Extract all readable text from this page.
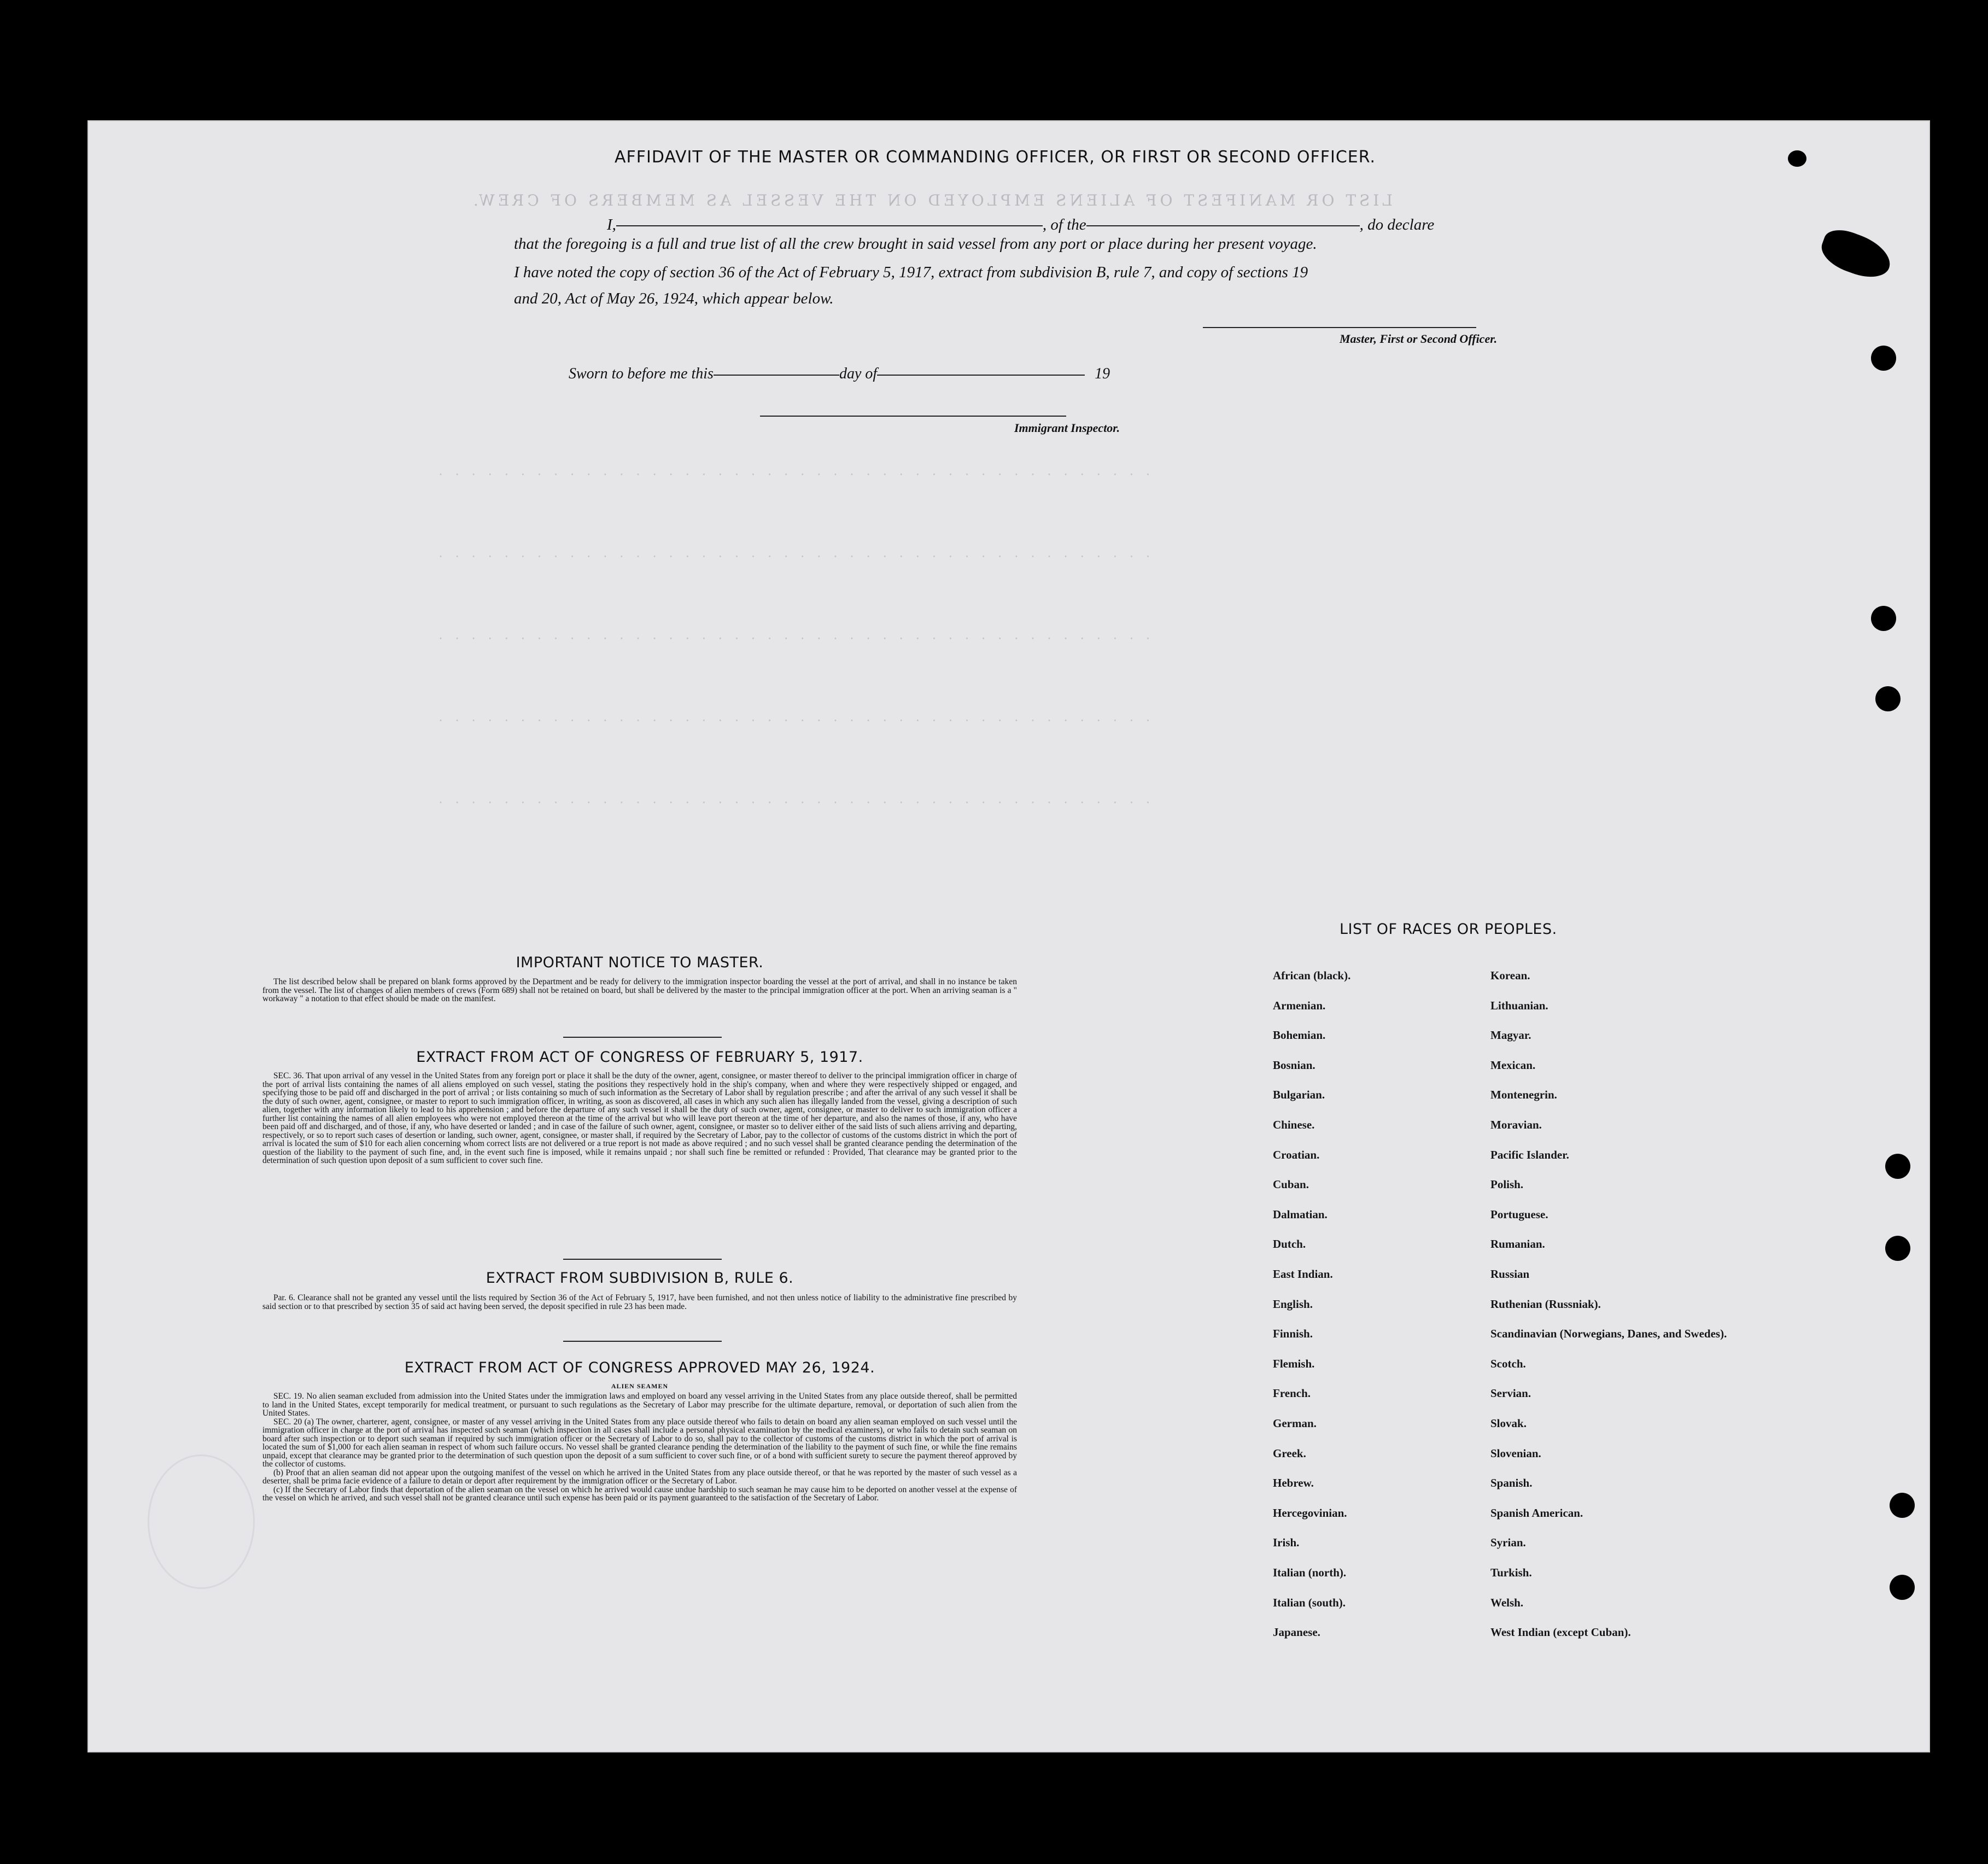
LIST OR MANIFEST OF ALIENS EMPLOYED ON THE VESSEL AS MEMBERS OF CREW.
. . . . . . . . . . . . . . . . . . . . . . . . . . . . . . . . . . . . . . . . . . . .
. . . . . . . . . . . . . . . . . . . . . . . . . . . . . . . . . . . . . . . . . . . .
. . . . . . . . . . . . . . . . . . . . . . . . . . . . . . . . . . . . . . . . . . . .
. . . . . . . . . . . . . . . . . . . . . . . . . . . . . . . . . . . . . . . . . . . .
. . . . . . . . . . . . . . . . . . . . . . . . . . . . . . . . . . . . . . . . . . . .
AFFIDAVIT OF THE MASTER OR COMMANDING OFFICER, OR FIRST OR SECOND OFFICER.
I,	, of the	, do declare
that the foregoing is a full and true list of all the crew brought in said vessel from any port or place during her present voyage.
I have noted the copy of section 36 of the Act of February 5, 1917, extract from subdivision B, rule 7, and copy of sections 19
and 20, Act of May 26, 1924, which appear below.
Master, First or Second Officer.
Sworn to before me this	day of	19
Immigrant Inspector.
IMPORTANT NOTICE TO MASTER.

The list described below shall be prepared on blank forms approved by the Department and be ready for delivery to the immigration inspector boarding the vessel at the port of arrival, and shall in no instance be taken from the vessel. The list of changes of alien members of crews (Form 689) shall not be retained on board, but shall be delivered by the master to the principal immigration officer at the port. When an arriving seaman is a " workaway " a notation to that effect should be made on the manifest.

EXTRACT FROM ACT OF CONGRESS OF FEBRUARY 5, 1917.

SEC. 36. That upon arrival of any vessel in the United States from any foreign port or place it shall be the duty of the owner, agent, consignee, or master thereof to deliver to the principal immigration officer in charge of the port of arrival lists containing the names of all aliens employed on such vessel, stating the positions they respectively hold in the ship's company, when and where they were respectively shipped or engaged, and specifying those to be paid off and discharged in the port of arrival ; or lists containing so much of such information as the Secretary of Labor shall by regulation prescribe ; and after the arrival of any such vessel it shall be the duty of such owner, agent, consignee, or master to report to such immigration officer, in writing, as soon as discovered, all cases in which any such alien has illegally landed from the vessel, giving a description of such alien, together with any information likely to lead to his apprehension ; and before the departure of any such vessel it shall be the duty of such owner, agent, consignee, or master to deliver to such immigration officer a further list containing the names of all alien employees who were not employed thereon at the time of the arrival but who will leave port thereon at the time of her departure, and also the names of those, if any, who have been paid off and discharged, and of those, if any, who have deserted or landed ; and in case of the failure of such owner, agent, consignee, or master so to deliver either of the said lists of such aliens arriving and departing, respectively, or so to report such cases of desertion or landing, such owner, agent, consignee, or master shall, if required by the Secretary of Labor, pay to the collector of customs of the customs district in which the port of arrival is located the sum of $10 for each alien concerning whom correct lists are not delivered or a true report is not made as above required ; and no such vessel shall be granted clearance pending the determination of the question of the liability to the payment of such fine, and, in the event such fine is imposed, while it remains unpaid ; nor shall such fine be remitted or refunded : Provided, That clearance may be granted prior to the determination of such question upon deposit of a sum sufficient to cover such fine.

EXTRACT FROM SUBDIVISION B, RULE 6.

Par. 6. Clearance shall not be granted any vessel until the lists required by Section 36 of the Act of February 5, 1917, have been furnished, and not then unless notice of liability to the administrative fine prescribed by said section or to that prescribed by section 35 of said act having been served, the deposit specified in rule 23 has been made.

EXTRACT FROM ACT OF CONGRESS APPROVED MAY 26, 1924.
ALIEN SEAMEN

SEC. 19. No alien seaman excluded from admission into the United States under the immigration laws and employed on board any vessel arriving in the United States from any place outside thereof, shall be permitted to land in the United States, except temporarily for medical treatment, or pursuant to such regulations as the Secretary of Labor may prescribe for the ultimate departure, removal, or deportation of such alien from the United States.

SEC. 20 (a) The owner, charterer, agent, consignee, or master of any vessel arriving in the United States from any place outside thereof who fails to detain on board any alien seaman employed on such vessel until the immigration officer in charge at the port of arrival has inspected such seaman (which inspection in all cases shall include a personal physical examination by the medical examiners), or who fails to detain such seaman on board after such inspection or to deport such seaman if required by such immigration officer or the Secretary of Labor to do so, shall pay to the collector of customs of the customs district in which the port of arrival is located the sum of $1,000 for each alien seaman in respect of whom such failure occurs. No vessel shall be granted clearance pending the determination of the liability to the payment of such fine, or while the fine remains unpaid, except that clearance may be granted prior to the determination of such question upon the deposit of a sum sufficient to cover such fine, or of a bond with sufficient surety to secure the payment thereof approved by the collector of customs.

(b) Proof that an alien seaman did not appear upon the outgoing manifest of the vessel on which he arrived in the United States from any place outside thereof, or that he was reported by the master of such vessel as a deserter, shall be prima facie evidence of a failure to detain or deport after requirement by the immigration officer or the Secretary of Labor.

(c) If the Secretary of Labor finds that deportation of the alien seaman on the vessel on which he arrived would cause undue hardship to such seaman he may cause him to be deported on another vessel at the expense of the vessel on which he arrived, and such vessel shall not be granted clearance until such expense has been paid or its payment guaranteed to the satisfaction of the Secretary of Labor.

LIST OF RACES OR PEOPLES.
African (black).
Armenian.
Bohemian.
Bosnian.
Bulgarian.
Chinese.
Croatian.
Cuban.
Dalmatian.
Dutch.
East Indian.
English.
Finnish.
Flemish.
French.
German.
Greek.
Hebrew.
Hercegovinian.
Irish.
Italian (north).
Italian (south).
Japanese.
Korean.
Lithuanian.
Magyar.
Mexican.
Montenegrin.
Moravian.
Pacific Islander.
Polish.
Portuguese.
Rumanian.
Russian
Ruthenian (Russniak).
Scandinavian (Norwegians, Danes, and Swedes).
Scotch.
Servian.
Slovak.
Slovenian.
Spanish.
Spanish American.
Syrian.
Turkish.
Welsh.
West Indian (except Cuban).
